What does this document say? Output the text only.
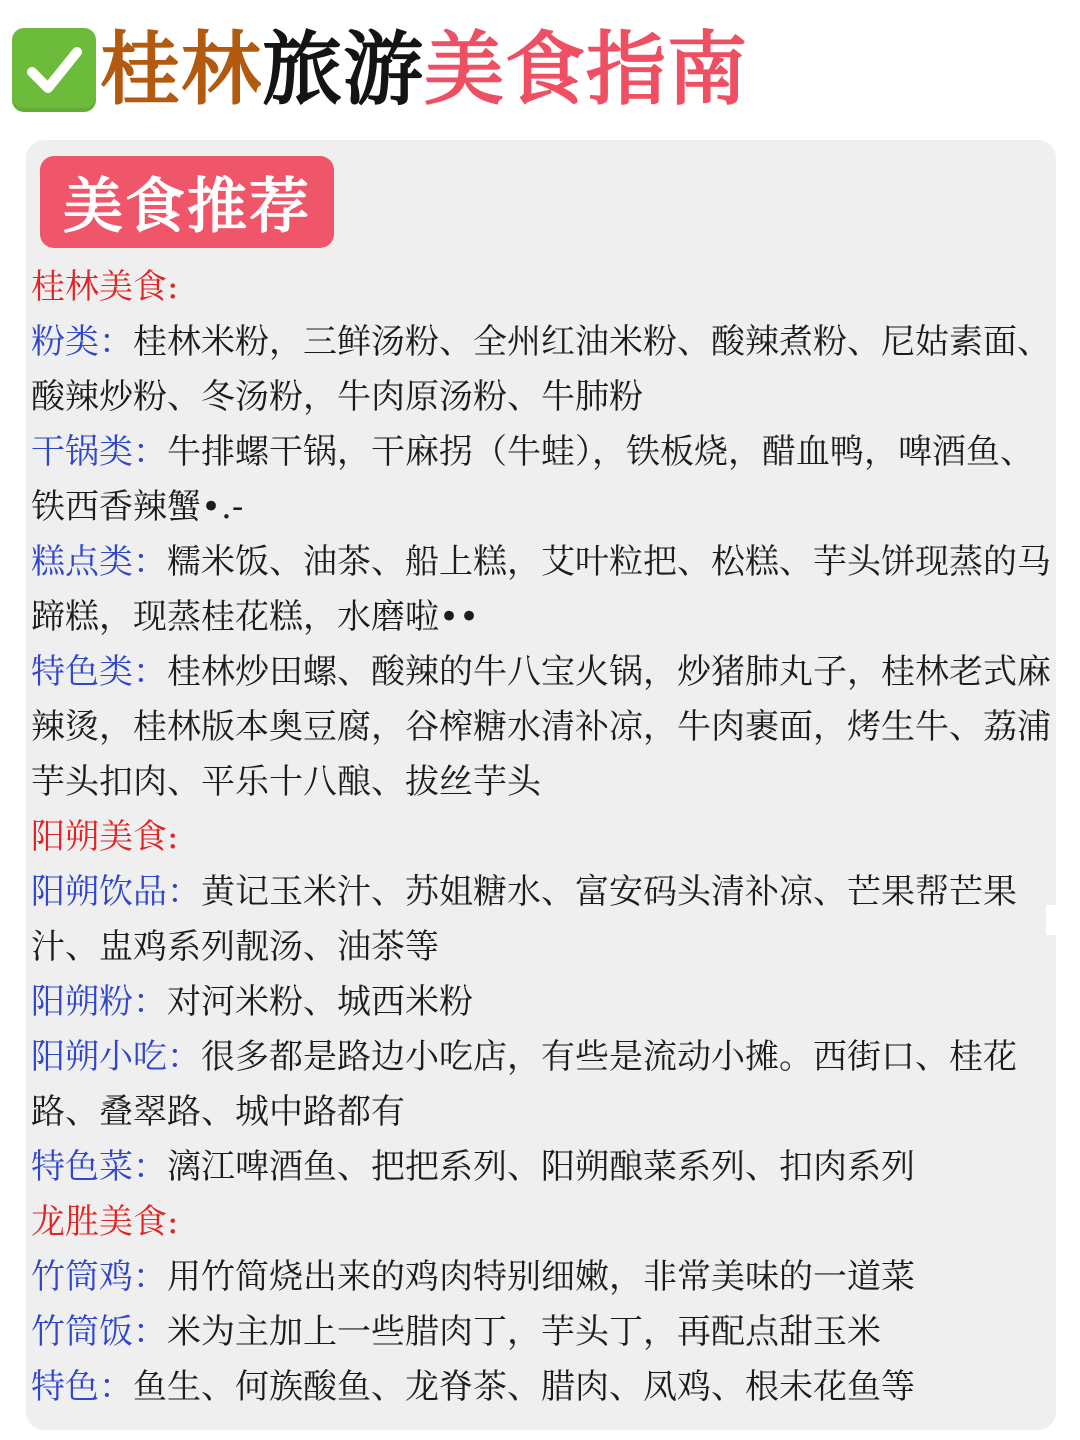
桂林旅游美食指南
美食推荐

桂林美食:

粉类：桂林米粉，三鲜汤粉、全州红油米粉、酸辣煮粉、尼姑素面、酸辣炒粉、冬汤粉，牛肉原汤粉、牛肺粉

干锅类：牛排螺干锅，干麻拐（牛蛙），铁板烧，醋血鸭，啤酒鱼、铁西香辣蟹•.-

糕点类：糯米饭、油茶、船上糕，艾叶粒把、松糕、芋头饼现蒸的马蹄糕，现蒸桂花糕，水磨啦••

特色类：桂林炒田螺、酸辣的牛八宝火锅，炒猪肺丸子，桂林老式麻辣烫，桂林版本奥豆腐，谷榨糖水清补凉，牛肉裹面，烤生牛、荔浦芋头扣肉、平乐十八酿、拔丝芋头

阳朔美食:

阳朔饮品：黄记玉米汁、苏姐糖水、富安码头清补凉、芒果帮芒果汁、盅鸡系列靓汤、油茶等

阳朔粉：对河米粉、城西米粉

阳朔小吃：很多都是路边小吃店，有些是流动小摊。西街口、桂花路、叠翠路、城中路都有

特色菜：漓江啤酒鱼、把把系列、阳朔酿菜系列、扣肉系列

龙胜美食:

竹筒鸡：用竹简烧出来的鸡肉特别细嫩，非常美味的一道菜

竹筒饭：米为主加上一些腊肉丁，芋头丁，再配点甜玉米

特色：鱼生、何族酸鱼、龙脊茶、腊肉、凤鸡、根未花鱼等
